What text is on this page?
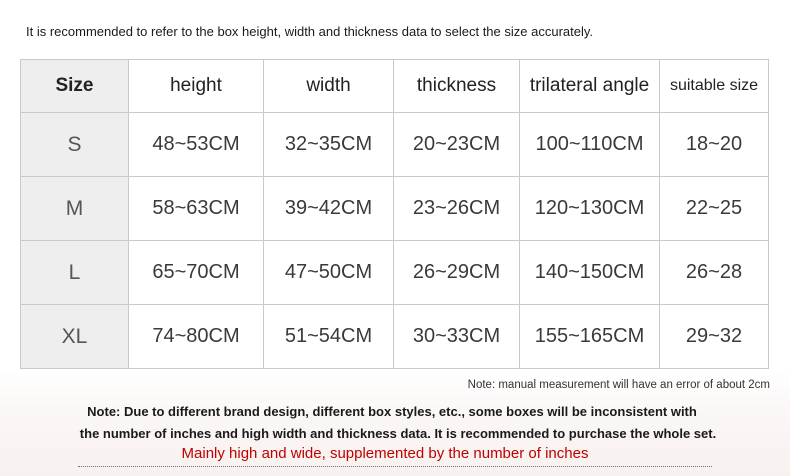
It is recommended to refer to the box height, width and thickness data to select the size accurately.
Size	height	width	thickness	trilateral angle	suitable size
S	48~53CM	32~35CM	20~23CM	100~110CM	18~20
M	58~63CM	39~42CM	23~26CM	120~130CM	22~25
L	65~70CM	47~50CM	26~29CM	140~150CM	26~28
XL	74~80CM	51~54CM	30~33CM	155~165CM	29~32
Note: manual measurement will have an error of about 2cm
Note: Due to different brand design, different box styles, etc., some boxes will be inconsistent with
the number of inches and high width and thickness data. It is recommended to purchase the whole set.
Mainly high and wide, supplemented by the number of inches
